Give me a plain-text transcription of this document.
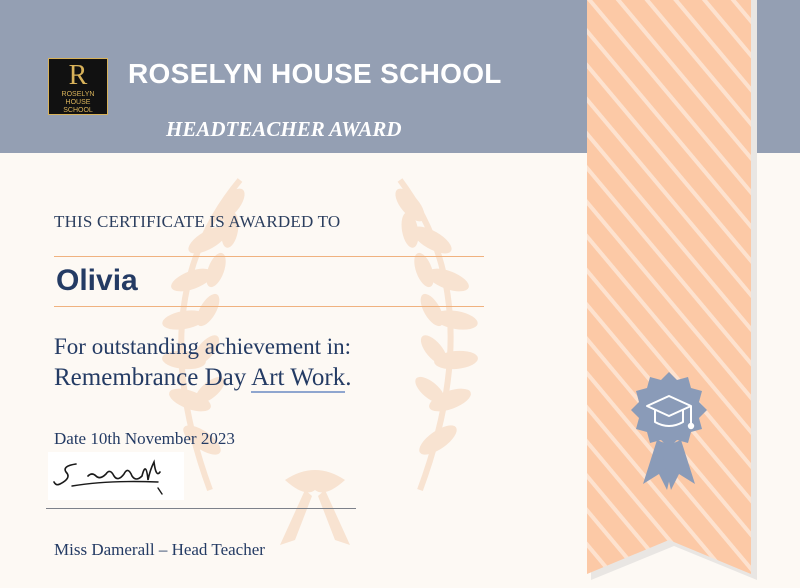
R
ROSELYN HOUSE
SCHOOL
ROSELYN HOUSE SCHOOL
HEADTEACHER AWARD
THIS CERTIFICATE IS AWARDED TO
Olivia
For outstanding achievement in:
Remembrance Day Art Work.
Date 10th November 2023
Miss Damerall – Head Teacher
